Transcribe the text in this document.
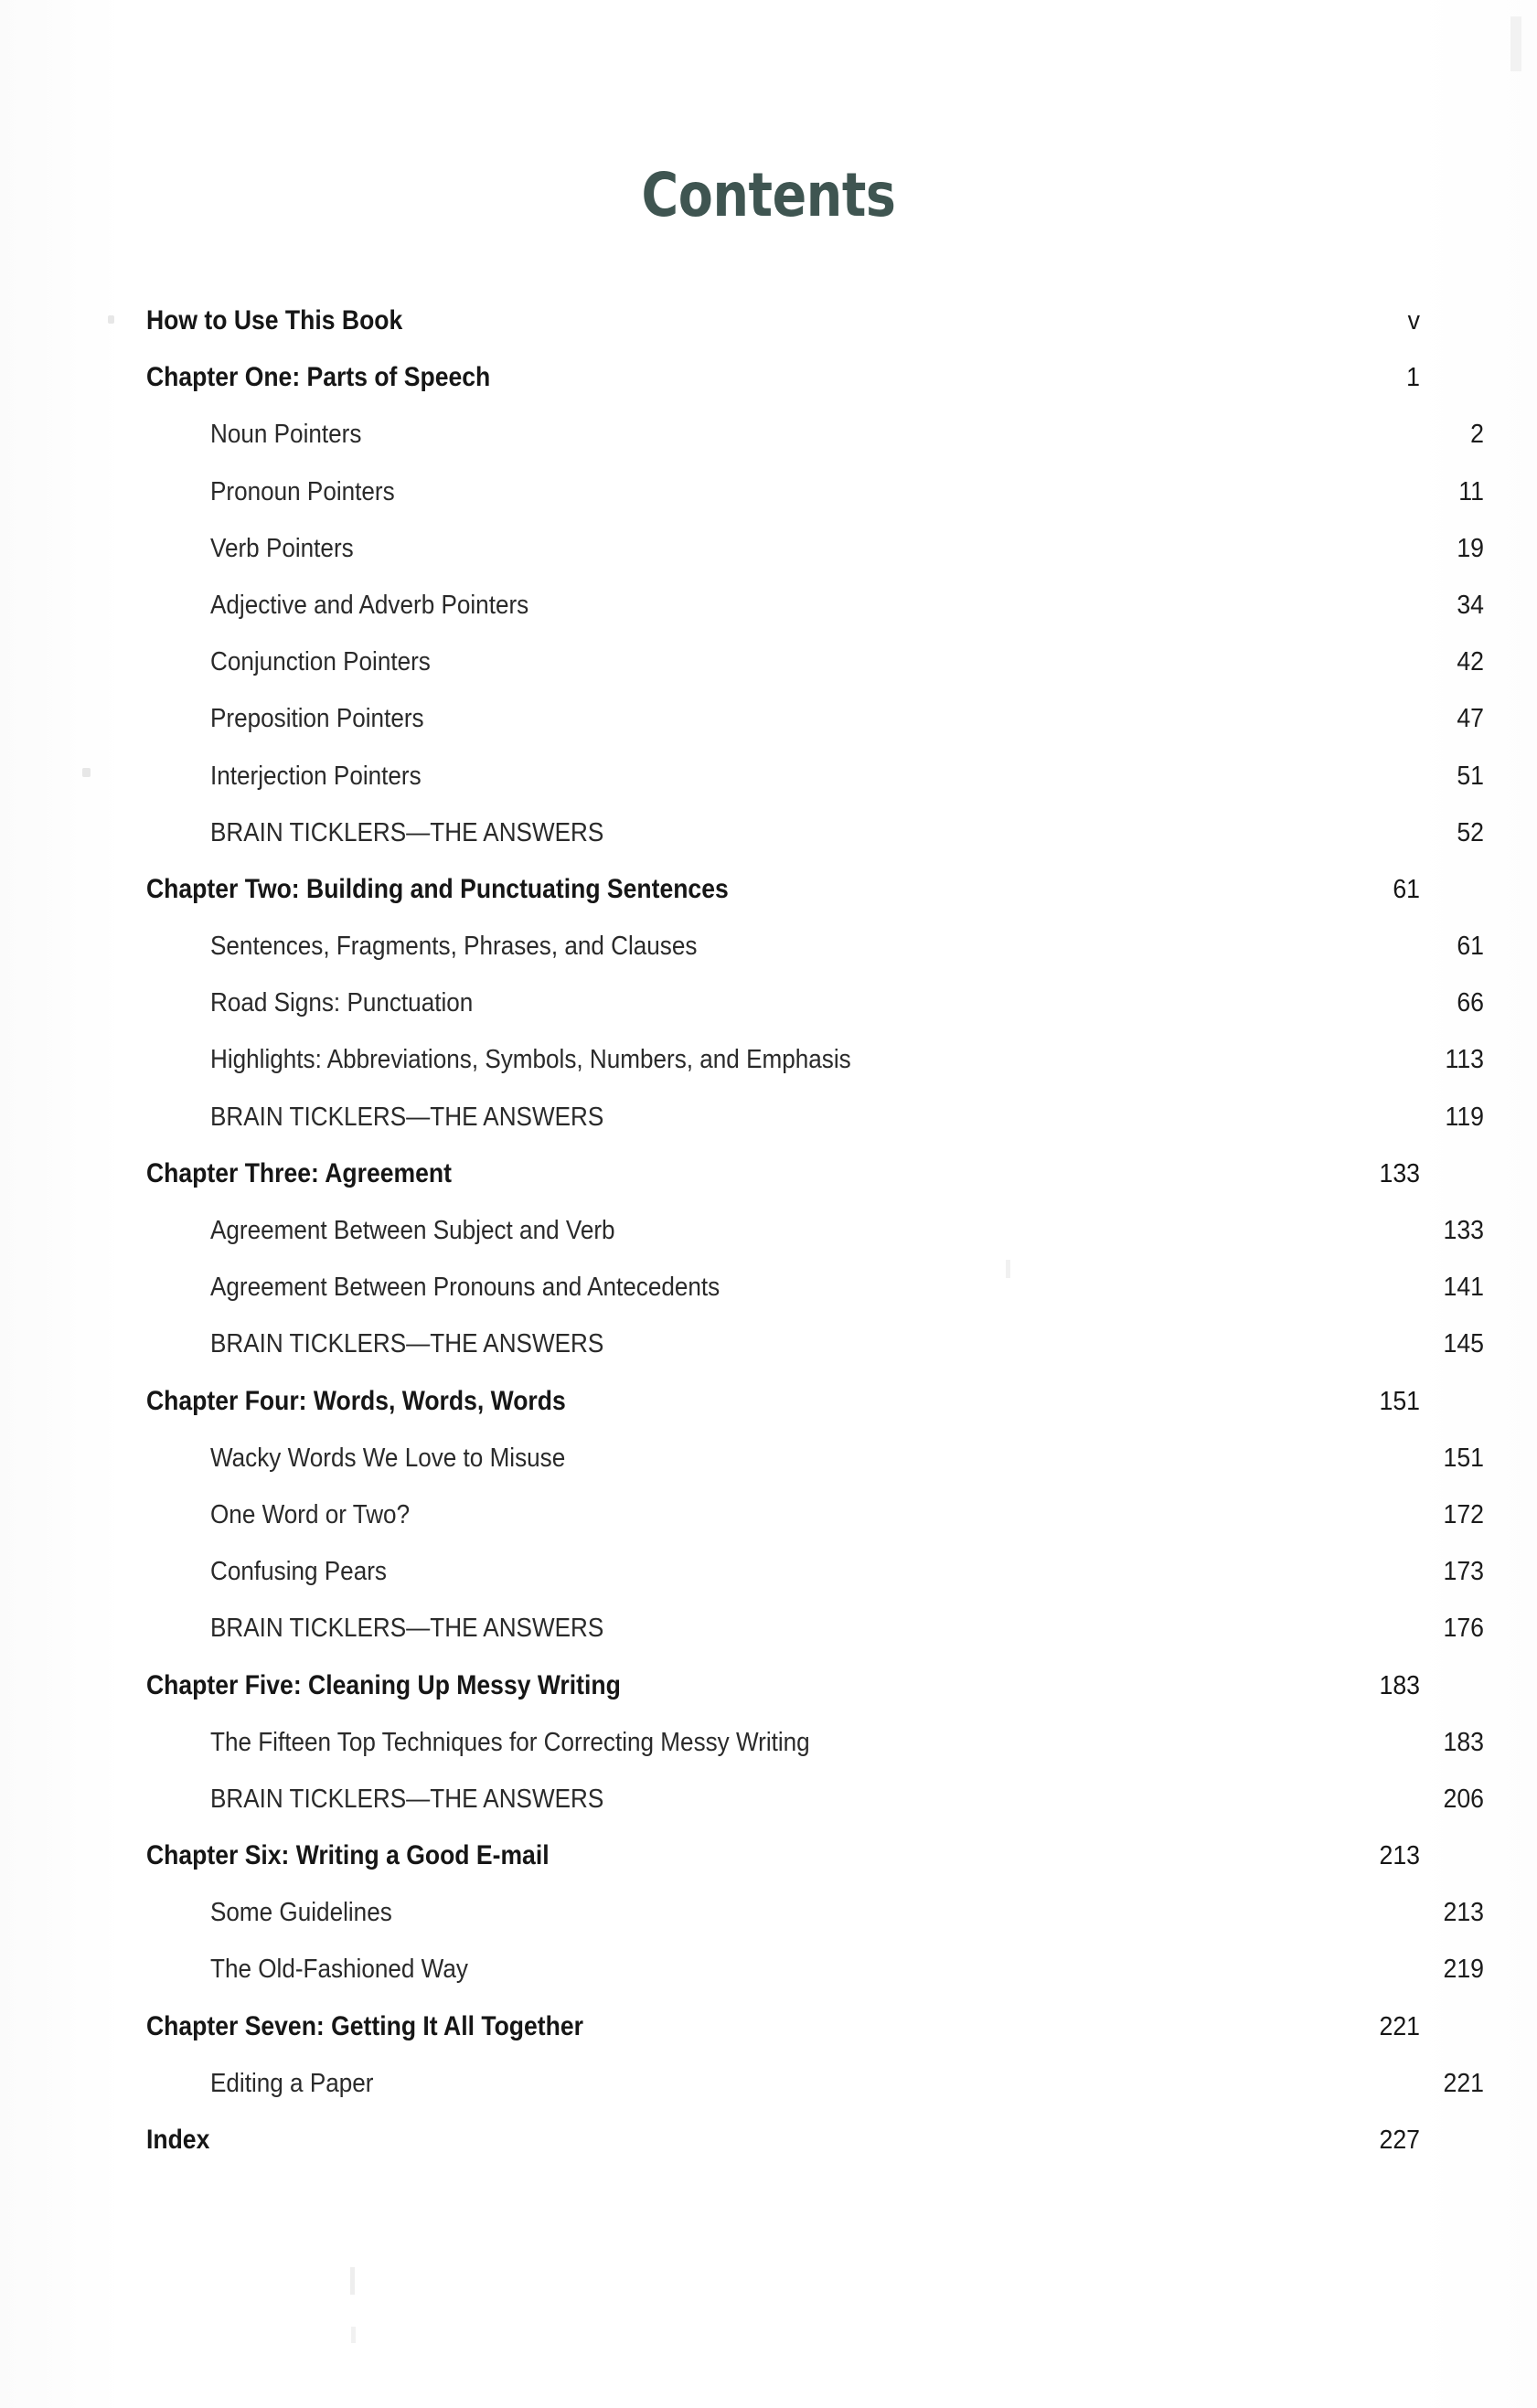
Contents
How to Use This Book . . .	v
Chapter One: Parts of Speech . . .	1
Noun Pointers . . .	2
Pronoun Pointers . . .	11
Verb Pointers . . .	19
Adjective and Adverb Pointers . . .	34
Conjunction Pointers . . .	42
Preposition Pointers . . .	47
Interjection Pointers . . .	51
BRAIN TICKLERS—THE ANSWERS . . .	52
Chapter Two: Building and Punctuating Sentences . . .	61
Sentences, Fragments, Phrases, and Clauses . . .	61
Road Signs: Punctuation . . .	66
Highlights: Abbreviations, Symbols, Numbers, and Emphasis . . .	113
BRAIN TICKLERS—THE ANSWERS . . .	119
Chapter Three: Agreement . . .	133
Agreement Between Subject and Verb . . .	133
Agreement Between Pronouns and Antecedents . . .	141
BRAIN TICKLERS—THE ANSWERS . . .	145
Chapter Four: Words, Words, Words . . .	151
Wacky Words We Love to Misuse . . .	151
One Word or Two? . . .	172
Confusing Pears . . .	173
BRAIN TICKLERS—THE ANSWERS . . .	176
Chapter Five: Cleaning Up Messy Writing . . .	183
The Fifteen Top Techniques for Correcting Messy Writing . . .	183
BRAIN TICKLERS—THE ANSWERS . . .	206
Chapter Six: Writing a Good E-mail . . .	213
Some Guidelines . . .	213
The Old-Fashioned Way . . .	219
Chapter Seven: Getting It All Together . . .	221
Editing a Paper . . .	221
Index . . .	227
